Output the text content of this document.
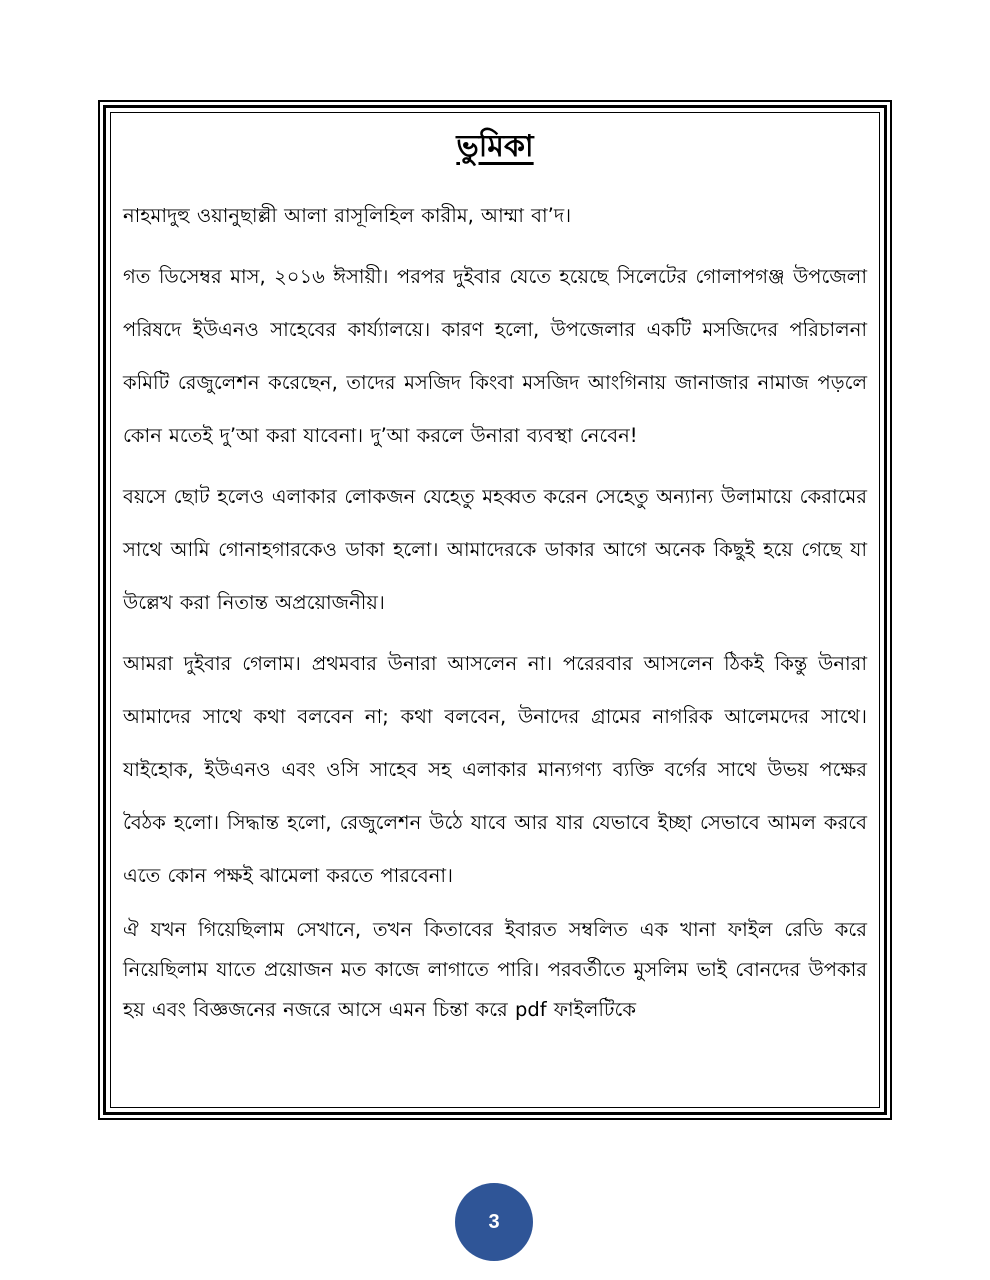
ভুমিকা

নাহমাদুহু ওয়ানুছাল্লী আলা রাসূলিহিল কারীম, আম্মা বা’দ।

গত ডিসেম্বর মাস, ২০১৬ ঈসায়ী। পরপর দুইবার যেতে হয়েছে সিলেটের গোলাপগঞ্জ উপজেলা পরিষদে ইউএনও সাহেবের কার্য্যালয়ে। কারণ হলো, উপজেলার একটি মসজিদের পরিচালনা কমিটি রেজুলেশন করেছেন, তাদের মসজিদ কিংবা মসজিদ আংগিনায় জানাজার নামাজ পড়লে কোন মতেই দু’আ করা যাবেনা। দু’আ করলে উনারা ব্যবস্থা নেবেন!

বয়সে ছোট হলেও এলাকার লোকজন যেহেতু মহব্বত করেন সেহেতু অন্যান্য উলামায়ে কেরামের সাথে আমি গোনাহগারকেও ডাকা হলো। আমাদেরকে ডাকার আগে অনেক কিছুই হয়ে গেছে যা উল্লেখ করা নিতান্ত অপ্রয়োজনীয়।

আমরা দুইবার গেলাম। প্রথমবার উনারা আসলেন না। পরেরবার আসলেন ঠিকই কিন্তু উনারা আমাদের সাথে কথা বলবেন না; কথা বলবেন, উনাদের গ্রামের নাগরিক আলেমদের সাথে। যাইহোক, ইউএনও এবং ওসি সাহেব সহ এলাকার মান্যগণ্য ব্যক্তি বর্গের সাথে উভয় পক্ষের বৈঠক হলো। সিদ্ধান্ত হলো, রেজুলেশন উঠে যাবে আর যার যেভাবে ইচ্ছা সেভাবে আমল করবে এতে কোন পক্ষই ঝামেলা করতে পারবেনা।

ঐ যখন গিয়েছিলাম সেখানে, তখন কিতাবের ইবারত সম্বলিত এক খানা ফাইল রেডি করে নিয়েছিলাম যাতে প্রয়োজন মত কাজে লাগাতে পারি। পরবর্তীতে মুসলিম ভাই বোনদের উপকার হয় এবং বিজ্ঞজনের নজরে আসে এমন চিন্তা করে pdf ফাইলটিকে

3
